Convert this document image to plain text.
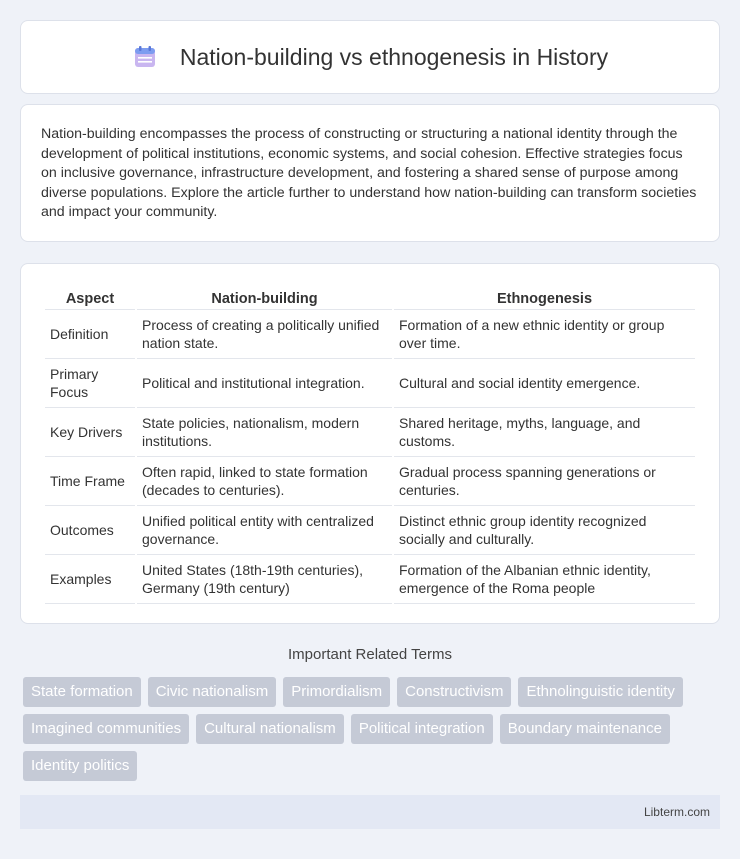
Nation-building vs ethnogenesis in History

Nation-building encompasses the process of constructing or structuring a national identity through the development of political institutions, economic systems, and social cohesion. Effective strategies focus on inclusive governance, infrastructure development, and fostering a shared sense of purpose among diverse populations. Explore the article further to understand how nation-building can transform societies and impact your community.

Aspect	Nation-building	Ethnogenesis
Definition	Process of creating a politically unified nation state.	Formation of a new ethnic identity or group over time.
Primary Focus	Political and institutional integration.	Cultural and social identity emergence.
Key Drivers	State policies, nationalism, modern institutions.	Shared heritage, myths, language, and customs.
Time Frame	Often rapid, linked to state formation (decades to centuries).	Gradual process spanning generations or centuries.
Outcomes	Unified political entity with centralized governance.	Distinct ethnic group identity recognized socially and culturally.
Examples	United States (18th-19th centuries), Germany (19th century)	Formation of the Albanian ethnic identity, emergence of the Roma people
Important Related Terms
State formation	Civic nationalism	Primordialism	Constructivism	Ethnolinguistic identity
Imagined communities	Cultural nationalism	Political integration	Boundary maintenance
Identity politics
Libterm.com
